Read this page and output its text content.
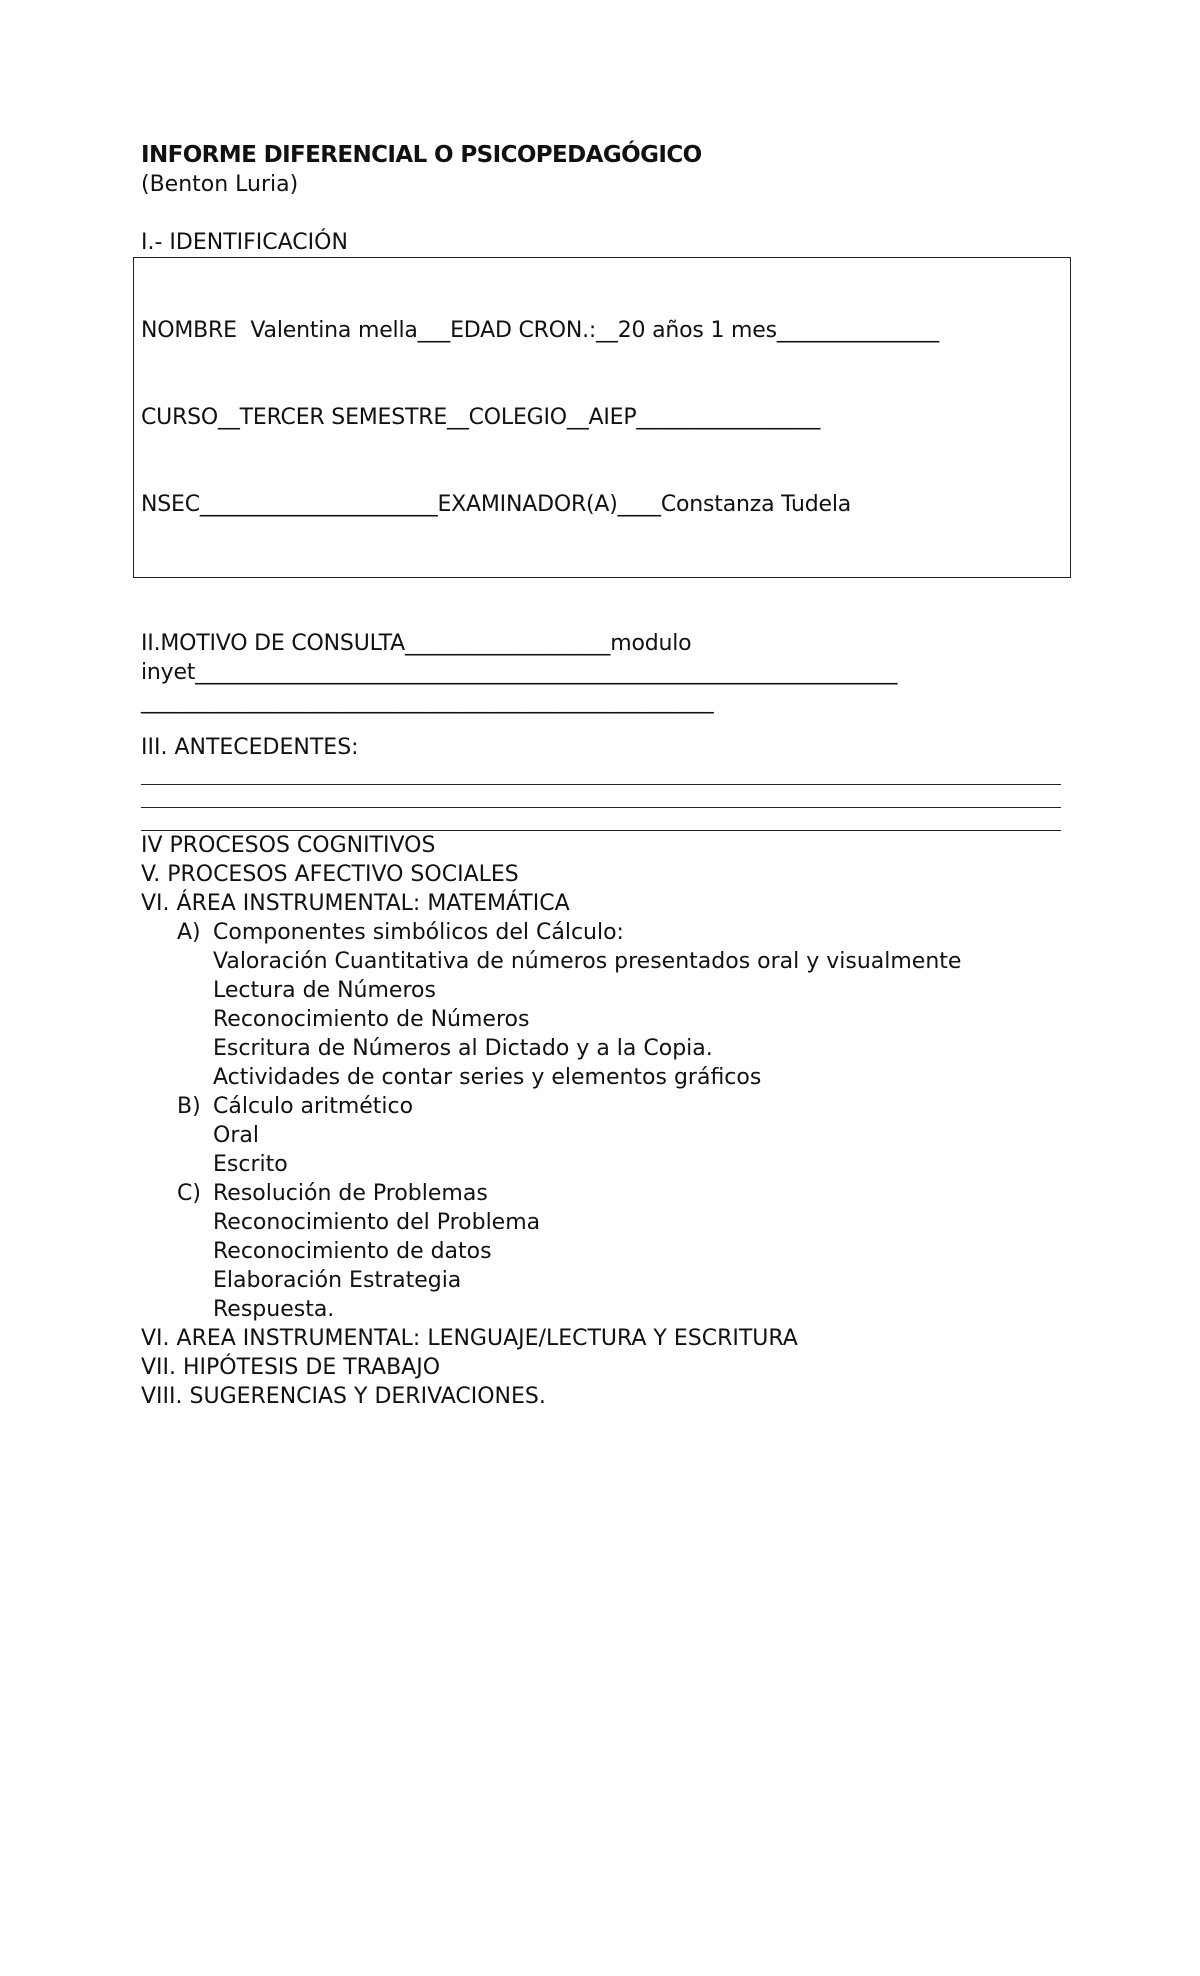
INFORME DIFERENCIAL O PSICOPEDAGÓGICO
(Benton Luria)
I.- IDENTIFICACIÓN

NOMBRE  Valentina mella___EDAD CRON.:__20 años 1 mes_______________

CURSO__TERCER SEMESTRE__COLEGIO__AIEP_________________

NSEC______________________EXAMINADOR(A)____Constanza Tudela

II.MOTIVO DE CONSULTA___________________modulo
inyet_________________________________________________________________
_____________________________________________________
III. ANTECEDENTES:
IV PROCESOS COGNITIVOS
V. PROCESOS AFECTIVO SOCIALES
VI. ÁREA INSTRUMENTAL: MATEMÁTICA
A) Componentes simbólicos del Cálculo:
Valoración Cuantitativa de números presentados oral y visualmente
Lectura de Números
Reconocimiento de Números
Escritura de Números al Dictado y a la Copia.
Actividades de contar series y elementos gráficos
B) Cálculo aritmético
Oral
Escrito
C) Resolución de Problemas
Reconocimiento del Problema
Reconocimiento de datos
Elaboración Estrategia
Respuesta.
VI. AREA INSTRUMENTAL: LENGUAJE/LECTURA Y ESCRITURA
VII. HIPÓTESIS DE TRABAJO
VIII. SUGERENCIAS Y DERIVACIONES.
